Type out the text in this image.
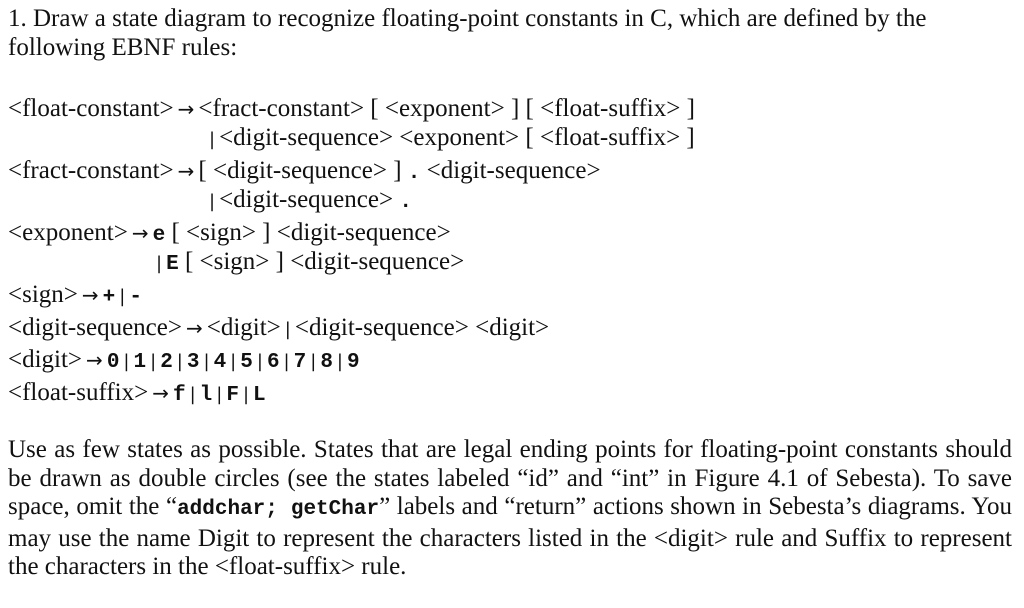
1. Draw a state diagram to recognize floating-point constants in C, which are defined by the following EBNF rules:
<float-constant> → <fract-constant> [ <exponent> ] [ <float-suffix> ]
| <digit-sequence> <exponent> [ <float-suffix> ]
<fract-constant> → [ <digit-sequence> ] . <digit-sequence>
| <digit-sequence> .
<exponent> → e [ <sign> ] <digit-sequence>
| E [ <sign> ] <digit-sequence>
<sign> → + | -
<digit-sequence> → <digit> | <digit-sequence> <digit>
<digit> → 0 | 1 | 2 | 3 | 4 | 5 | 6 | 7 | 8 | 9
<float-suffix> → f | l | F | L
Use as few states as possible. States that are legal ending points for floating-point constants should be drawn as double circles (see the states labeled “id” and “int” in Figure 4.1 of Sebesta). To save space, omit the “addchar; getChar” labels and “return” actions shown in Sebesta’s diagrams. You may use the name Digit to represent the characters listed in the <digit> rule and Suffix to represent the characters in the <float-suffix> rule.
